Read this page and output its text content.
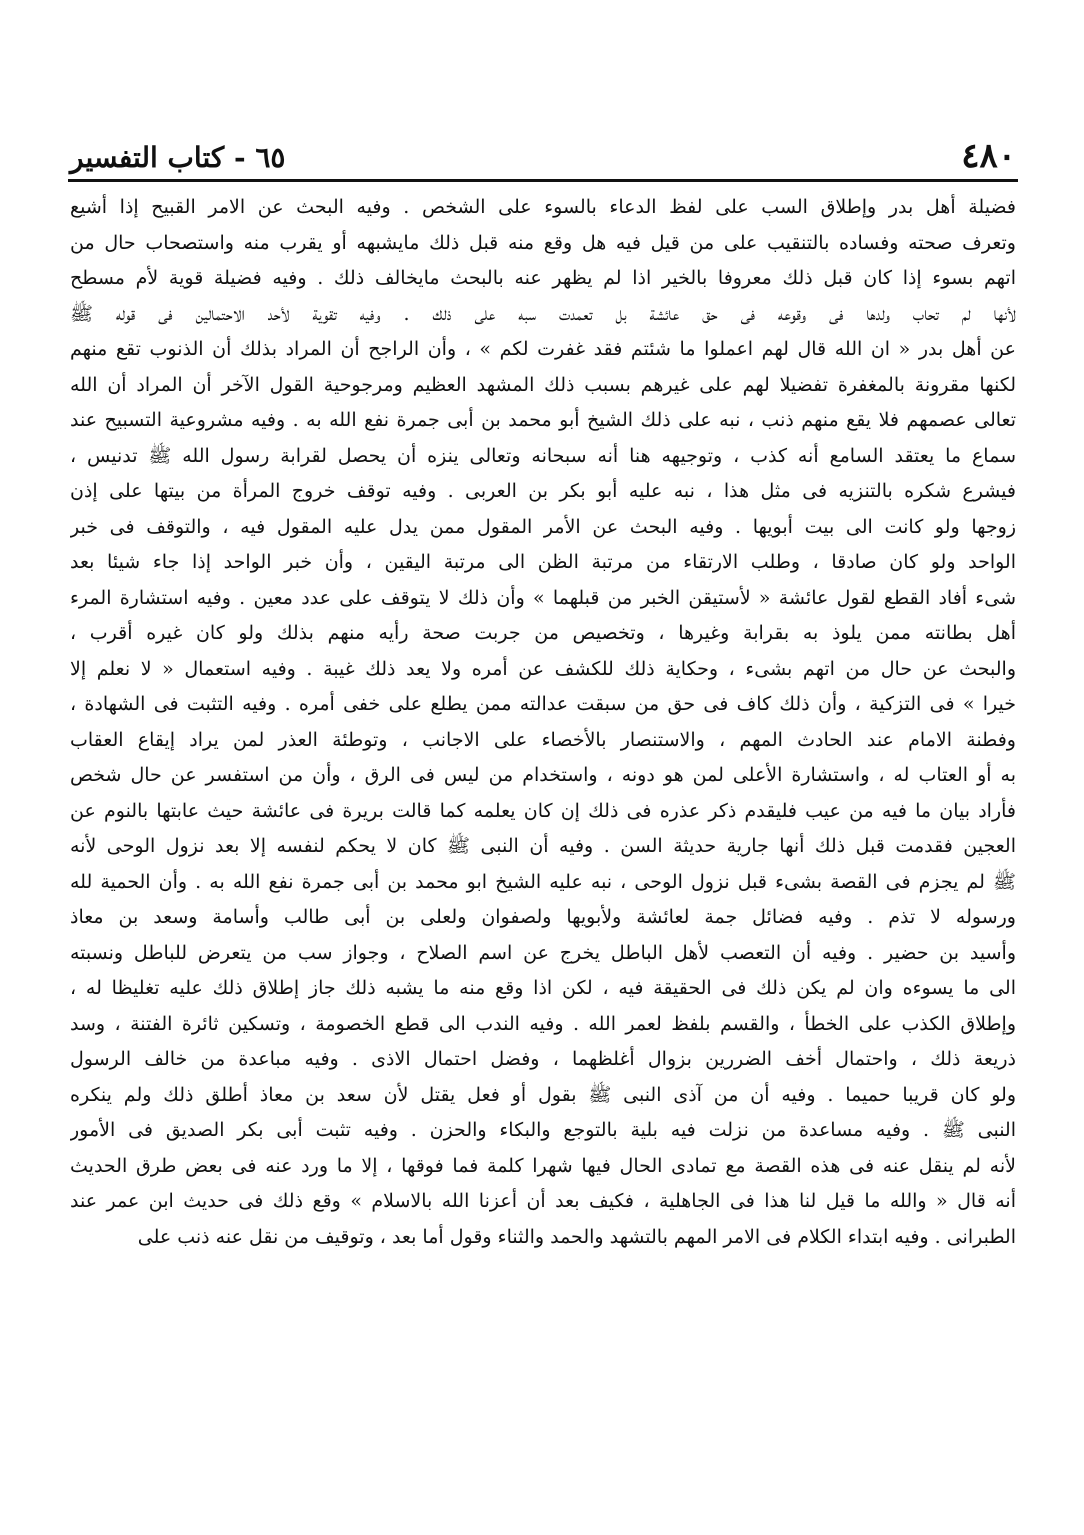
٤٨٠
٦٥ - كتاب التفسير
فضيلة أهل بدر وإطلاق السب على لفظ الدعاء بالسوء على الشخص . وفيه البحث عن الامر القبيح إذا أشيع
وتعرف صحته وفساده بالتنقيب على من قيل فيه هل وقع منه قبل ذلك مايشبهه أو يقرب منه واستصحاب حال من
اتهم بسوء إذا كان قبل ذلك معروفا بالخير اذا لم يظهر عنه بالبحث مايخالف ذلك . وفيه فضيلة قوية لأم مسطح
لأنها لم تحاب ولدها فى وقوعه فى حق عائشة بل تعمدت سبه على ذلك . وفيه تقوية لأحد الاحتمالين فى قوله ﷺ
عن أهل بدر « ان الله قال لهم اعملوا ما شئتم فقد غفرت لكم » ، وأن الراجح أن المراد بذلك أن الذنوب تقع منهم
لكنها مقرونة بالمغفرة تفضيلا لهم على غيرهم بسبب ذلك المشهد العظيم ومرجوحية القول الآخر أن المراد أن الله
تعالى عصمهم فلا يقع منهم ذنب ، نبه على ذلك الشيخ أبو محمد بن أبى جمرة نفع الله به . وفيه مشروعية التسبيح عند
سماع ما يعتقد السامع أنه كذب ، وتوجيهه هنا أنه سبحانه وتعالى ينزه أن يحصل لقرابة رسول الله ﷺ تدنيس ،
فيشرع شكره بالتنزيه فى مثل هذا ، نبه عليه أبو بكر بن العربى . وفيه توقف خروج المرأة من بيتها على إذن
زوجها ولو كانت الى بيت أبويها . وفيه البحث عن الأمر المقول ممن يدل عليه المقول فيه ، والتوقف فى خبر
الواحد ولو كان صادقا ، وطلب الارتقاء من مرتبة الظن الى مرتبة اليقين ، وأن خبر الواحد إذا جاء شيئا بعد
شىء أفاد القطع لقول عائشة « لأستيقن الخبر من قبلهما » وأن ذلك لا يتوقف على عدد معين . وفيه استشارة المرء
أهل بطانته ممن يلوذ به بقرابة وغيرها ، وتخصيص من جربت صحة رأيه منهم بذلك ولو كان غيره أقرب ،
والبحث عن حال من اتهم بشىء ، وحكاية ذلك للكشف عن أمره ولا يعد ذلك غيبة . وفيه استعمال « لا نعلم إلا
خيرا » فى التزكية ، وأن ذلك كاف فى حق من سبقت عدالته ممن يطلع على خفى أمره . وفيه التثبت فى الشهادة ،
وفطنة الامام عند الحادث المهم ، والاستنصار بالأخصاء على الاجانب ، وتوطئة العذر لمن يراد إيقاع العقاب
به أو العتاب له ، واستشارة الأعلى لمن هو دونه ، واستخدام من ليس فى الرق ، وأن من استفسر عن حال شخص
فأراد بيان ما فيه من عيب فليقدم ذكر عذره فى ذلك إن كان يعلمه كما قالت بريرة فى عائشة حيث عابتها بالنوم عن
العجين فقدمت قبل ذلك أنها جارية حديثة السن . وفيه أن النبى ﷺ كان لا يحكم لنفسه إلا بعد نزول الوحى لأنه
ﷺ لم يجزم فى القصة بشىء قبل نزول الوحى ، نبه عليه الشيخ ابو محمد بن أبى جمرة نفع الله به . وأن الحمية لله
ورسوله لا تذم . وفيه فضائل جمة لعائشة ولأبويها ولصفوان ولعلى بن أبى طالب وأسامة وسعد بن معاذ
وأسيد بن حضير . وفيه أن التعصب لأهل الباطل يخرج عن اسم الصلاح ، وجواز سب من يتعرض للباطل ونسبته
الى ما يسوءه وان لم يكن ذلك فى الحقيقة فيه ، لكن اذا وقع منه ما يشبه ذلك جاز إطلاق ذلك عليه تغليظا له ،
وإطلاق الكذب على الخطأ ، والقسم بلفظ لعمر الله . وفيه الندب الى قطع الخصومة ، وتسكين ثائرة الفتنة ، وسد
ذريعة ذلك ، واحتمال أخف الضررين بزوال أغلظهما ، وفضل احتمال الاذى . وفيه مباعدة من خالف الرسول
ولو كان قريبا حميما . وفيه أن من آذى النبى ﷺ بقول أو فعل يقتل لأن سعد بن معاذ أطلق ذلك ولم ينكره
النبى ﷺ . وفيه مساعدة من نزلت فيه بلية بالتوجع والبكاء والحزن . وفيه تثبت أبى بكر الصديق فى الأمور
لأنه لم ينقل عنه فى هذه القصة مع تمادى الحال فيها شهرا كلمة فما فوقها ، إلا ما ورد عنه فى بعض طرق الحديث
أنه قال « والله ما قيل لنا هذا فى الجاهلية ، فكيف بعد أن أعزنا الله بالاسلام » وقع ذلك فى حديث ابن عمر عند
الطبرانى . وفيه ابتداء الكلام فى الامر المهم بالتشهد والحمد والثناء وقول أما بعد ، وتوقيف من نقل عنه ذنب على
